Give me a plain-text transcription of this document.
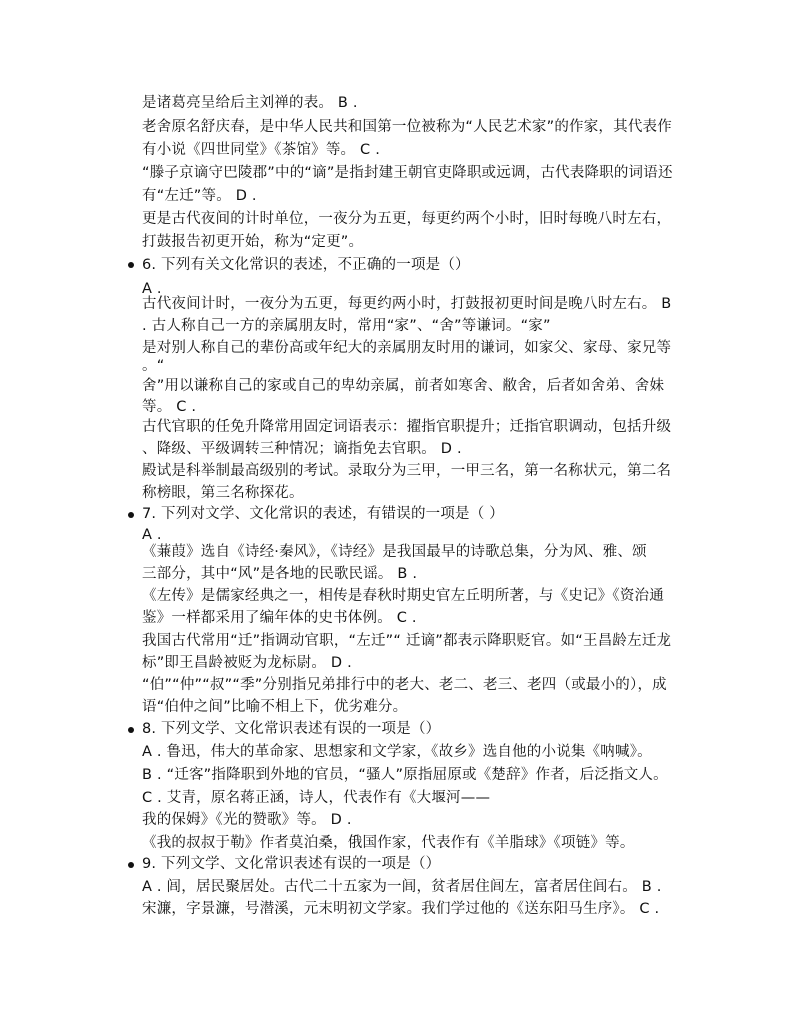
是诸葛亮呈给后主刘禅的表。 B .
老舍原名舒庆春，是中华人民共和国第一位被称为“人民艺术家”的作家，其代表作
有小说《四世同堂》《茶馆》等。 C .
“滕子京谪守巴陵郡”中的“谪”是指封建王朝官吏降职或远调，古代表降职的词语还
有“左迁”等。 D .
更是古代夜间的计时单位，一夜分为五更，每更约两个小时，旧时每晚八时左右，
打鼓报告初更开始，称为“定更”。
6. 下列有关文化常识的表述，不正确的一项是（）
A .
古代夜间计时，一夜分为五更，每更约两小时，打鼓报初更时间是晚八时左右。 B
. 古人称自己一方的亲属朋友时，常用“家”、“舍”等谦词。“家”
是对别人称自己的辈份高或年纪大的亲属朋友时用的谦词，如家父、家母、家兄等
。“
舍”用以谦称自己的家或自己的卑幼亲属，前者如寒舍、敝舍，后者如舍弟、舍妹
等。 C .
古代官职的任免升降常用固定词语表示：擢指官职提升；迁指官职调动，包括升级
、降级、平级调转三种情况；谪指免去官职。 D .
殿试是科举制最高级别的考试。录取分为三甲，一甲三名，第一名称状元，第二名
称榜眼，第三名称探花。
7. 下列对文学、文化常识的表述，有错误的一项是（ ）
A .
《蒹葭》选自《诗经·秦风》，《诗经》是我国最早的诗歌总集，分为风、雅、颂
三部分，其中“风”是各地的民歌民谣。 B .
《左传》是儒家经典之一，相传是春秋时期史官左丘明所著，与《史记》《资治通
鉴》一样都采用了编年体的史书体例。 C .
我国古代常用“迁”指调动官职，“左迁”“ 迁谪”都表示降职贬官。如“王昌龄左迁龙
标”即王昌龄被贬为龙标尉。 D .
“伯”“仲”“叔”“季”分别指兄弟排行中的老大、老二、老三、老四（或最小的），成
语“伯仲之间”比喻不相上下，优劣难分。
8. 下列文学、文化常识表述有误的一项是（）
A . 鲁迅，伟大的革命家、思想家和文学家，《故乡》选自他的小说集《呐喊》。
B . “迁客”指降职到外地的官员，“骚人”原指屈原或《楚辞》作者，后泛指文人。
C . 艾青，原名蒋正涵，诗人，代表作有《大堰河——
我的保姆》《光的赞歌》等。 D .
《我的叔叔于勒》作者莫泊桑，俄国作家，代表作有《羊脂球》《项链》等。
9. 下列文学、文化常识表述有误的一项是（）
A . 闾，居民聚居处。古代二十五家为一闾，贫者居住闾左，富者居住闾右。 B .
宋濂，字景濂，号潜溪，元末明初文学家。我们学过他的《送东阳马生序》。 C .
